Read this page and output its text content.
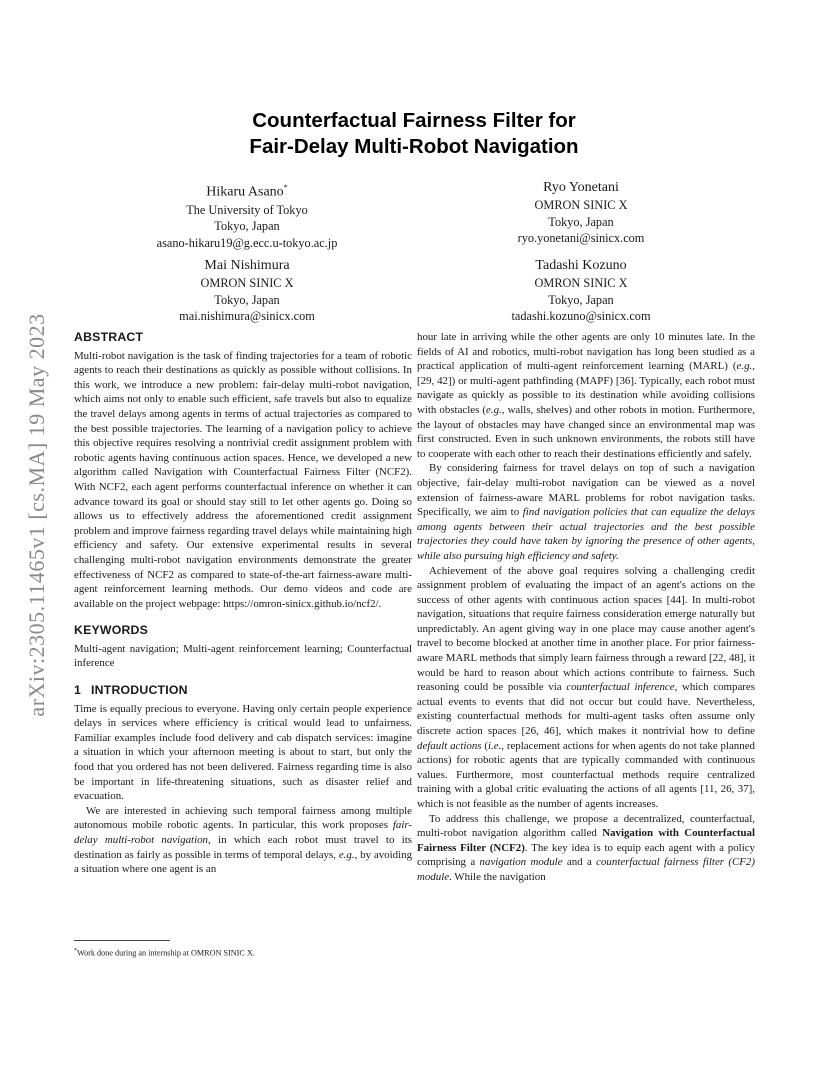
arXiv:2305.11465v1 [cs.MA] 19 May 2023
Counterfactual Fairness Filter for
Fair-Delay Multi-Robot Navigation
Hikaru Asano*
The University of Tokyo
Tokyo, Japan
asano-hikaru19@g.ecc.u-tokyo.ac.jp
Ryo Yonetani
OMRON SINIC X
Tokyo, Japan
ryo.yonetani@sinicx.com
Mai Nishimura
OMRON SINIC X
Tokyo, Japan
mai.nishimura@sinicx.com
Tadashi Kozuno
OMRON SINIC X
Tokyo, Japan
tadashi.kozuno@sinicx.com
ABSTRACT

Multi-robot navigation is the task of finding trajectories for a team of robotic agents to reach their destinations as quickly as possible without collisions. In this work, we introduce a new problem: fair-delay multi-robot navigation, which aims not only to enable such efficient, safe travels but also to equalize the travel delays among agents in terms of actual trajectories as compared to the best possible trajectories. The learning of a navigation policy to achieve this objective requires resolving a nontrivial credit assignment problem with robotic agents having continuous action spaces. Hence, we developed a new algorithm called Navigation with Counterfactual Fairness Filter (NCF2). With NCF2, each agent performs counterfactual inference on whether it can advance toward its goal or should stay still to let other agents go. Doing so allows us to effectively address the aforementioned credit assignment problem and improve fairness regarding travel delays while maintaining high efficiency and safety. Our extensive experimental results in several challenging multi-robot navigation environments demonstrate the greater effectiveness of NCF2 as compared to state-of-the-art fairness-aware multi-agent reinforcement learning methods. Our demo videos and code are available on the project webpage: https://omron-sinicx.github.io/ncf2/.

KEYWORDS

Multi-agent navigation; Multi-agent reinforcement learning; Counterfactual inference

1 INTRODUCTION

Time is equally precious to everyone. Having only certain people experience delays in services where efficiency is critical would lead to unfairness. Familiar examples include food delivery and cab dispatch services: imagine a situation in which your afternoon meeting is about to start, but only the food that you ordered has not been delivered. Fairness regarding time is also be important in life-threatening situations, such as disaster relief and evacuation.

We are interested in achieving such temporal fairness among multiple autonomous mobile robotic agents. In particular, this work proposes fair-delay multi-robot navigation, in which each robot must travel to its destination as fairly as possible in terms of temporal delays, e.g., by avoiding a situation where one agent is an

hour late in arriving while the other agents are only 10 minutes late. In the fields of AI and robotics, multi-robot navigation has long been studied as a practical application of multi-agent reinforcement learning (MARL) (e.g., [29, 42]) or multi-agent pathfinding (MAPF) [36]. Typically, each robot must navigate as quickly as possible to its destination while avoiding collisions with obstacles (e.g., walls, shelves) and other robots in motion. Furthermore, the layout of obstacles may have changed since an environmental map was first constructed. Even in such unknown environments, the robots still have to cooperate with each other to reach their destinations efficiently and safely.

By considering fairness for travel delays on top of such a navigation objective, fair-delay multi-robot navigation can be viewed as a novel extension of fairness-aware MARL problems for robot navigation tasks. Specifically, we aim to find navigation policies that can equalize the delays among agents between their actual trajectories and the best possible trajectories they could have taken by ignoring the presence of other agents, while also pursuing high efficiency and safety.

Achievement of the above goal requires solving a challenging credit assignment problem of evaluating the impact of an agent's actions on the success of other agents with continuous action spaces [44]. In multi-robot navigation, situations that require fairness consideration emerge naturally but unpredictably. An agent giving way in one place may cause another agent's travel to become blocked at another time in another place. For prior fairness-aware MARL methods that simply learn fairness through a reward [22, 48], it would be hard to reason about which actions contribute to fairness. Such reasoning could be possible via counterfactual inference, which compares actual events to events that did not occur but could have. Nevertheless, existing counterfactual methods for multi-agent tasks often assume only discrete action spaces [26, 46], which makes it nontrivial how to define default actions (i.e., replacement actions for when agents do not take planned actions) for robotic agents that are typically commanded with continuous values. Furthermore, most counterfactual methods require centralized training with a global critic evaluating the actions of all agents [11, 26, 37], which is not feasible as the number of agents increases.

To address this challenge, we propose a decentralized, counterfactual, multi-robot navigation algorithm called Navigation with Counterfactual Fairness Filter (NCF2). The key idea is to equip each agent with a policy comprising a navigation module and a counterfactual fairness filter (CF2) module. While the navigation

*Work done during an internship at OMRON SINIC X.
